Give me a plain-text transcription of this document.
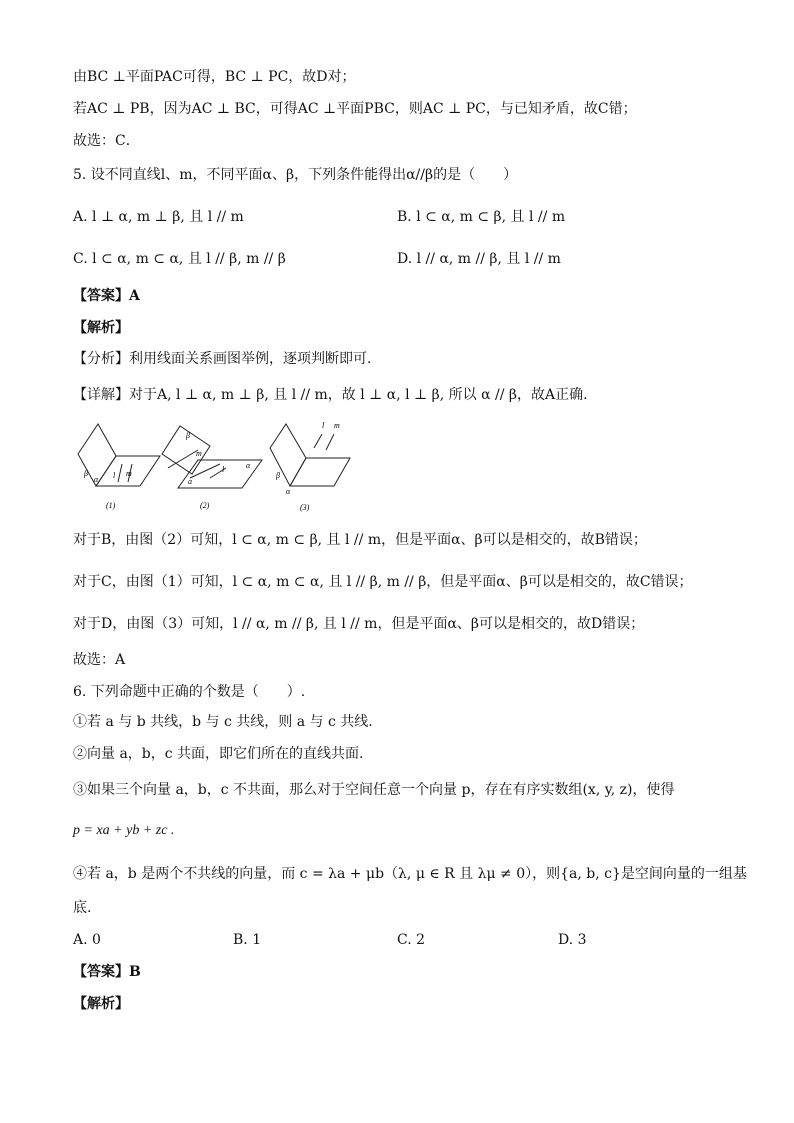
由BC ⊥平面PAC可得，BC ⊥ PC，故D对；
若AC ⊥ PB，因为AC ⊥ BC，可得AC ⊥平面PBC，则AC ⊥ PC，与已知矛盾，故C错；
故选：C．
5. 设不同直线l、m，不同平面α、β，下列条件能得出α//β的是（　　）
A. l ⊥ α, m ⊥ β, 且 l // m	B. l ⊂ α, m ⊂ β, 且 l // m
C. l ⊂ α, m ⊂ α, 且 l // β, m // β	D. l // α, m // β, 且 l // m
【答案】A
【解析】
【分析】利用线面关系画图举例，逐项判断即可.
【详解】对于A, l ⊥ α, m ⊥ β, 且 l // m，故 l ⊥ α, l ⊥ β, 所以 α // β，故A正确.
β
α l m
(1)
β
m
l	α
a
(2)
β
α
l m
(3)
对于B，由图（2）可知，l ⊂ α, m ⊂ β, 且 l // m，但是平面α、β可以是相交的，故B错误；
对于C，由图（1）可知，l ⊂ α, m ⊂ α, 且 l // β, m // β，但是平面α、β可以是相交的，故C错误；
对于D，由图（3）可知，l // α, m // β, 且 l // m，但是平面α、β可以是相交的，故D错误；
故选：A
6. 下列命题中正确的个数是（　　）.
①若 a 与 b 共线，b 与 c 共线，则 a 与 c 共线.
②向量 a，b，c 共面，即它们所在的直线共面.
③如果三个向量 a，b，c 不共面，那么对于空间任意一个向量 p，存在有序实数组(x, y, z)，使得
p = xa + yb + zc .
④若 a，b 是两个不共线的向量，而 c = λa + μb（λ, μ ∈ R 且 λμ ≠ 0），则{a, b, c}是空间向量的一组基
底.
A. 0	B. 1	C. 2	D. 3
【答案】B
【解析】
